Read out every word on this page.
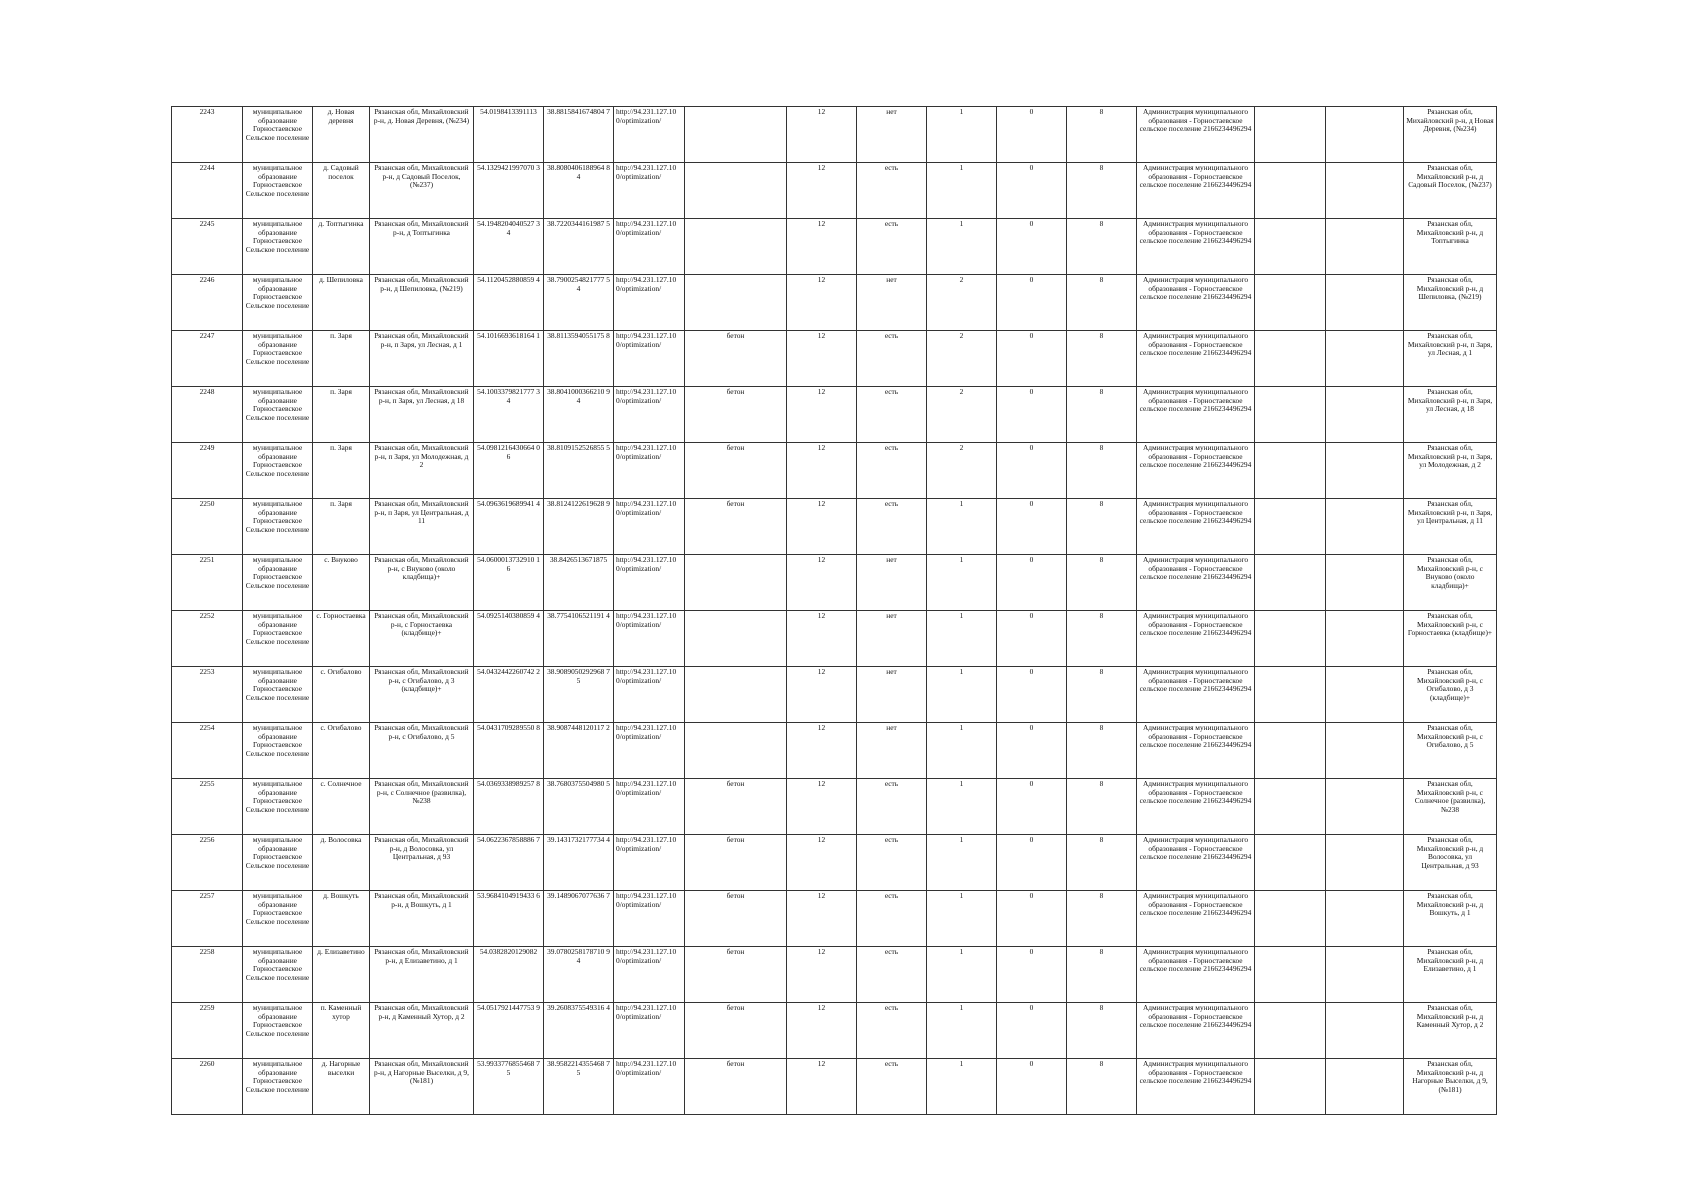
2243	муниципальное образование Горностаевское Сельское поселение	д. Новая деревня	Рязанская обл, Михайловский р-н, д. Новая Деревня, (№234)	54.0198413391113	38.8815841674804 7	http://94.231.127.10 0/optimization/		12	нет	1	0	8	Администрация муниципального образования - Горностаевское сельское поселение 2166234496294			Рязанская обл, Михайловский р-н, д Новая Деревня, (№234)
2244	муниципальное образование Горностаевское Сельское поселение	д. Садовый поселок	Рязанская обл, Михайловский р-н, д Садовый Поселок, (№237)	54.1329421997070 3	38.8080406188964 8 4	http://94.231.127.10 0/optimization/		12	есть	1	0	8	Администрация муниципального образования - Горностаевское сельское поселение 2166234496294			Рязанская обл, Михайловский р-н, д Садовый Поселок, (№237)
2245	муниципальное образование Горностаевское Сельское поселение	д. Топтыгинка	Рязанская обл, Михайловский р-н, д Топтыгинка	54.1948204040527 3 4	38.7220344161987 5	http://94.231.127.10 0/optimization/		12	есть	1	0	8	Администрация муниципального образования - Горностаевское сельское поселение 2166234496294			Рязанская обл, Михайловский р-н, д Топтыгинка
2246	муниципальное образование Горностаевское Сельское поселение	д. Шепиловка	Рязанская обл, Михайловский р-н, д Шепиловка, (№219)	54.1120452880859 4	38.7900254821777 5 4	http://94.231.127.10 0/optimization/		12	нет	2	0	8	Администрация муниципального образования - Горностаевское сельское поселение 2166234496294			Рязанская обл, Михайловский р-н, д Шепиловка, (№219)
2247	муниципальное образование Горностаевское Сельское поселение	п. Заря	Рязанская обл, Михайловский р-н, п Заря, ул Лесная, д 1	54.1016693618164 1	38.8113594055175 8	http://94.231.127.10 0/optimization/	бетон	12	есть	2	0	8	Администрация муниципального образования - Горностаевское сельское поселение 2166234496294			Рязанская обл, Михайловский р-н, п Заря, ул Лесная, д 1
2248	муниципальное образование Горностаевское Сельское поселение	п. Заря	Рязанская обл, Михайловский р-н, п Заря, ул Лесная, д 18	54.1003379821777 3 4	38.8041000366210 9 4	http://94.231.127.10 0/optimization/	бетон	12	есть	2	0	8	Администрация муниципального образования - Горностаевское сельское поселение 2166234496294			Рязанская обл, Михайловский р-н, п Заря, ул Лесная, д 18
2249	муниципальное образование Горностаевское Сельское поселение	п. Заря	Рязанская обл, Михайловский р-н, п Заря, ул Молодежная, д 2	54.0981216430664 0 6	38.8109152526855 5	http://94.231.127.10 0/optimization/	бетон	12	есть	2	0	8	Администрация муниципального образования - Горностаевское сельское поселение 2166234496294			Рязанская обл, Михайловский р-н, п Заря, ул Молодежная, д 2
2250	муниципальное образование Горностаевское Сельское поселение	п. Заря	Рязанская обл, Михайловский р-н, п Заря, ул Центральная, д 11	54.0963619689941 4	38.8124122619628 9	http://94.231.127.10 0/optimization/	бетон	12	есть	1	0	8	Администрация муниципального образования - Горностаевское сельское поселение 2166234496294			Рязанская обл, Михайловский р-н, п Заря, ул Центральная, д 11
2251	муниципальное образование Горностаевское Сельское поселение	с. Внуково	Рязанская обл, Михайловский р-н, с Внуково (около кладбища)+	54.0600013732910 1 6	38.8426513671875	http://94.231.127.10 0/optimization/		12	нет	1	0	8	Администрация муниципального образования - Горностаевское сельское поселение 2166234496294			Рязанская обл, Михайловский р-н, с Внуково (около кладбища)+
2252	муниципальное образование Горностаевское Сельское поселение	с. Горностаевка	Рязанская обл, Михайловский р-н, с Горностаевка (кладбище)+	54.0925140380859 4	38.7754106521191 4	http://94.231.127.10 0/optimization/		12	нет	1	0	8	Администрация муниципального образования - Горностаевское сельское поселение 2166234496294			Рязанская обл, Михайловский р-н, с Горностаевка (кладбище)+
2253	муниципальное образование Горностаевское Сельское поселение	с. Огибалово	Рязанская обл, Михайловский р-н, с Огибалово, д 3 (кладбище)+	54.0432442260742 2	38.9089050292968 7 5	http://94.231.127.10 0/optimization/		12	нет	1	0	8	Администрация муниципального образования - Горностаевское сельское поселение 2166234496294			Рязанская обл, Михайловский р-н, с Огибалово, д 3 (кладбище)+
2254	муниципальное образование Горностаевское Сельское поселение	с. Огибалово	Рязанская обл, Михайловский р-н, с Огибалово, д 5	54.0431709289550 8	38.9087448120117 2	http://94.231.127.10 0/optimization/		12	нет	1	0	8	Администрация муниципального образования - Горностаевское сельское поселение 2166234496294			Рязанская обл, Михайловский р-н, с Огибалово, д 5
2255	муниципальное образование Горностаевское Сельское поселение	с. Солнечное	Рязанская обл, Михайловский р-н, с Солнечное (развилка), №238	54.0369338989257 8	38.7680375504980 5	http://94.231.127.10 0/optimization/	бетон	12	есть	1	0	8	Администрация муниципального образования - Горностаевское сельское поселение 2166234496294			Рязанская обл, Михайловский р-н, с Солнечное (развилка), №238
2256	муниципальное образование Горностаевское Сельское поселение	д. Волосовка	Рязанская обл, Михайловский р-н, д Волосовка, ул Центральная, д 93	54.0622367858886 7	39.1431732177734 4	http://94.231.127.10 0/optimization/	бетон	12	есть	1	0	8	Администрация муниципального образования - Горностаевское сельское поселение 2166234496294			Рязанская обл, Михайловский р-н, д Волосовка, ул Центральная, д 93
2257	муниципальное образование Горностаевское Сельское поселение	д. Вошкуть	Рязанская обл, Михайловский р-н, д Вошкуть, д 1	53.9684104919433 6	39.1489067077636 7	http://94.231.127.10 0/optimization/	бетон	12	есть	1	0	8	Администрация муниципального образования - Горностаевское сельское поселение 2166234496294			Рязанская обл, Михайловский р-н, д Вошкуть, д 1
2258	муниципальное образование Горностаевское Сельское поселение	д. Елизаветино	Рязанская обл, Михайловский р-н, д Елизаветино, д 1	54.0382820129082	39.0780258178710 9 4	http://94.231.127.10 0/optimization/	бетон	12	есть	1	0	8	Администрация муниципального образования - Горностаевское сельское поселение 2166234496294			Рязанская обл, Михайловский р-н, д Елизаветино, д 1
2259	муниципальное образование Горностаевское Сельское поселение	п. Каменный хутор	Рязанская обл, Михайловский р-н, д Каменный Хутор, д 2	54.0517921447753 9	39.2608375549316 4	http://94.231.127.10 0/optimization/	бетон	12	есть	1	0	8	Администрация муниципального образования - Горностаевское сельское поселение 2166234496294			Рязанская обл, Михайловский р-н, д Каменный Хутор, д 2
2260	муниципальное образование Горностаевское Сельское поселение	д. Нагорные выселки	Рязанская обл, Михайловский р-н, д Нагорные Выселки, д 9, (№181)	53.9933776855468 7 5	38.9582214355468 7 5	http://94.231.127.10 0/optimization/	бетон	12	есть	1	0	8	Администрация муниципального образования - Горностаевское сельское поселение 2166234496294			Рязанская обл, Михайловский р-н, д Нагорные Выселки, д 9, (№181)
